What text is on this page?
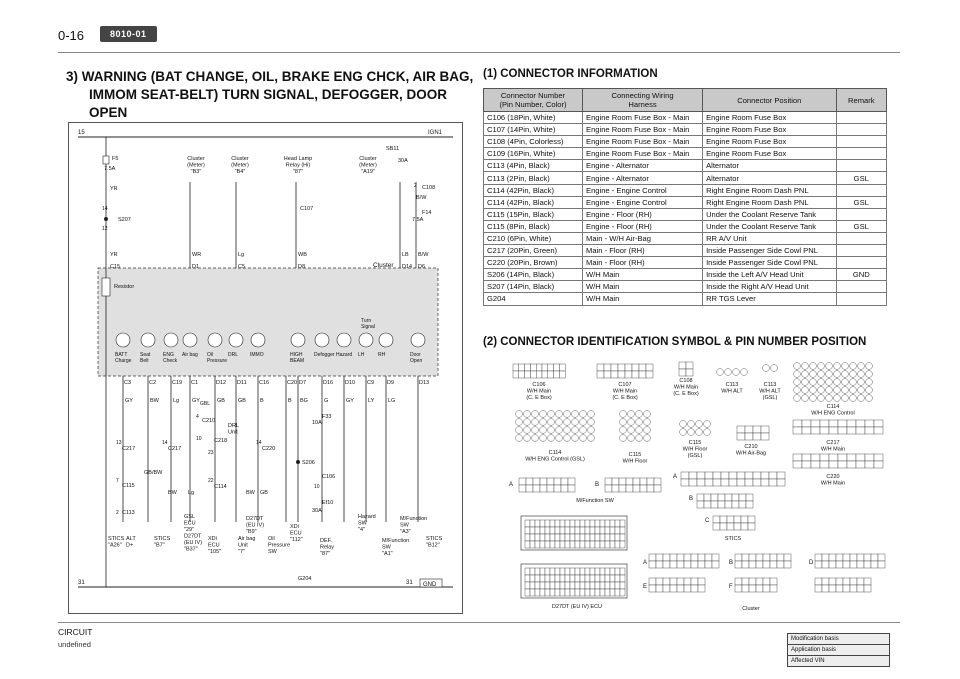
0-16	8010-01
3) WARNING (BAT CHANGE, OIL, BRAKE ENG CHCK, AIR BAG,
IMMOM SEAT-BELT) TURN SIGNAL, DEFOGGER, DOOR OPEN
15	IGN1
31	31 GND
Cluster
F5
7.5A
YR
14
S207
12
YR
C15
Resistor
Cluster (Meter) "B3"
Cluster (Meter) "B4"
Head Lamp Relay (Hi) "87"
Cluster (Meter) "A19"
C107
SB11
30A
C108
2
B/W
F14
7.5A
WR
D1
Lg
C5
WB
D8
LB
D14
B/W
D6
BATT Charge
Seat Belt
ENG Check
Air bag Oil Pressure
DRL IMMO	HIGH BEAM
Defogger Hazard LH	RH	Door Open
Turn Signal
C3	C2	C19 C1	D12 D11 C16	C20 D7	D16 D10 C9 D9	D13
GY	BW	Lg GY	GB GB	B	B BG	G	GY	LY LG
DRL Unit
C210
4
10
GBL
C217
13
C217
14	C218
23
C220
14
C115
7
C113
2
C114
22
GB/BW
BW Lg	BW GB
F33
10A
S206
C106
10
Ef10
30A
STICS "A26"
ALT D+
STICS "B7"
GSL ECU "29" D27DT (EU IV) "B37"
XDi ECU "105"
Air bag Unit "7"
Oil Pressure SW
D27DT (EU IV) "B9"
XDi ECU "112"	DEF. Relay "87"
Hazard SW "4"
M/Function SW "A1"
M/Function SW "A3"
STICS "B12"
G204
(1) CONNECTOR INFORMATION
Connector Number
(Pin Number, Color)	Connecting Wiring
Harness	Connector Position	Remark
C106 (18Pin, White)	Engine Room Fuse Box - Main	Engine Room Fuse Box	
C107 (14Pin, White)	Engine Room Fuse Box - Main	Engine Room Fuse Box	
C108 (4Pin, Colorless)	Engine Room Fuse Box - Main	Engine Room Fuse Box	
C109 (16Pin, White)	Engine Room Fuse Box - Main	Engine Room Fuse Box	
C113 (4Pin, Black)	Engine - Alternator	Alternator	
C113 (2Pin, Black)	Engine - Alternator	Alternator	GSL
C114 (42Pin, Black)	Engine - Engine Control	Right Engine Room Dash PNL	
C114 (42Pin, Black)	Engine - Engine Control	Right Engine Room Dash PNL	GSL
C115 (15Pin, Black)	Engine - Floor (RH)	Under the Coolant Reserve Tank	
C115 (8Pin, Black)	Engine - Floor (RH)	Under the Coolant Reserve Tank	GSL
C210 (6Pin, White)	Main - W/H Air-Bag	RR A/V Unit	
C217 (20Pin, Green)	Main - Floor (RH)	Inside Passenger Side Cowl PNL	
C220 (20Pin, Brown)	Main - Floor (RH)	Inside Passenger Side Cowl PNL	
S206 (14Pin, Black)	W/H Main	Inside the Left A/V Head Unit	GND
S207 (14Pin, Black)	W/H Main	Inside the Right A/V Head Unit	
G204	W/H Main	RR TGS Lever	
(2) CONNECTOR IDENTIFICATION SYMBOL & PIN NUMBER POSITION
C106 W/H Main (C. E Box)
C107 W/H Main (C. E Box)
C108 W/H Main (C. E Box)
C113 W/H ALT
C113 W/H ALT (GSL)
C114 W/H ENG Control
C114 W/H ENG Control (GSL)
C115 W/H Floor
C115 W/H Floor (GSL)
C210 W/H Air-Bag
C217 W/H Main
C220 W/H Main
A	B
M/Function SW
A
B
C
STICS
D27DT (EU IV) ECU
A	B	D
E	F
Cluster
CIRCUIT
undefined
Modification basis
Application basis
Affected VIN
